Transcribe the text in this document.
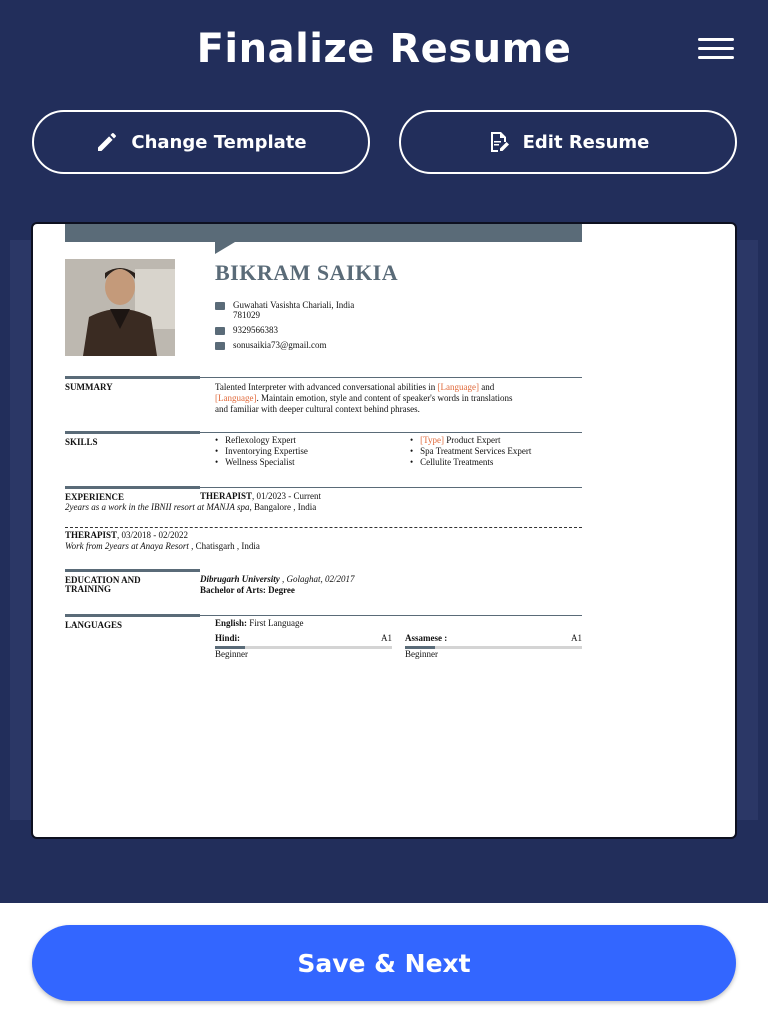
Finalize Resume
Change Template	Edit Resume
BIKRAM SAIKIA
Guwahati Vasishta Chariali, India
781029
9329566383
sonusaikia73@gmail.com
SUMMARY	Talented Interpreter with advanced conversational abilities in [Language] and
[Language]. Maintain emotion, style and content of speaker's words in translations
and familiar with deeper cultural context behind phrases.
SKILLS
•	Reflexology Expert
• Inventorying Expertise
• Wellness Specialist
• [Type] Product Expert
• Spa Treatment Services Expert
• Cellulite Treatments
EXPERIENCE	THERAPIST, 01/2023 - Current
2years as a work in the IBNII resort at MANJA spa, Bangalore , India
THERAPIST, 03/2018 - 02/2022
Work from 2years at Anaya Resort , Chatisgarh , India
EDUCATION AND
TRAINING
Dibrugarh University , Golaghat, 02/2017
Bachelor of Arts: Degree
LANGUAGES	English: First Language
Hindi:	A1
Beginner
Assamese :	A1
Beginner
Save & Next
